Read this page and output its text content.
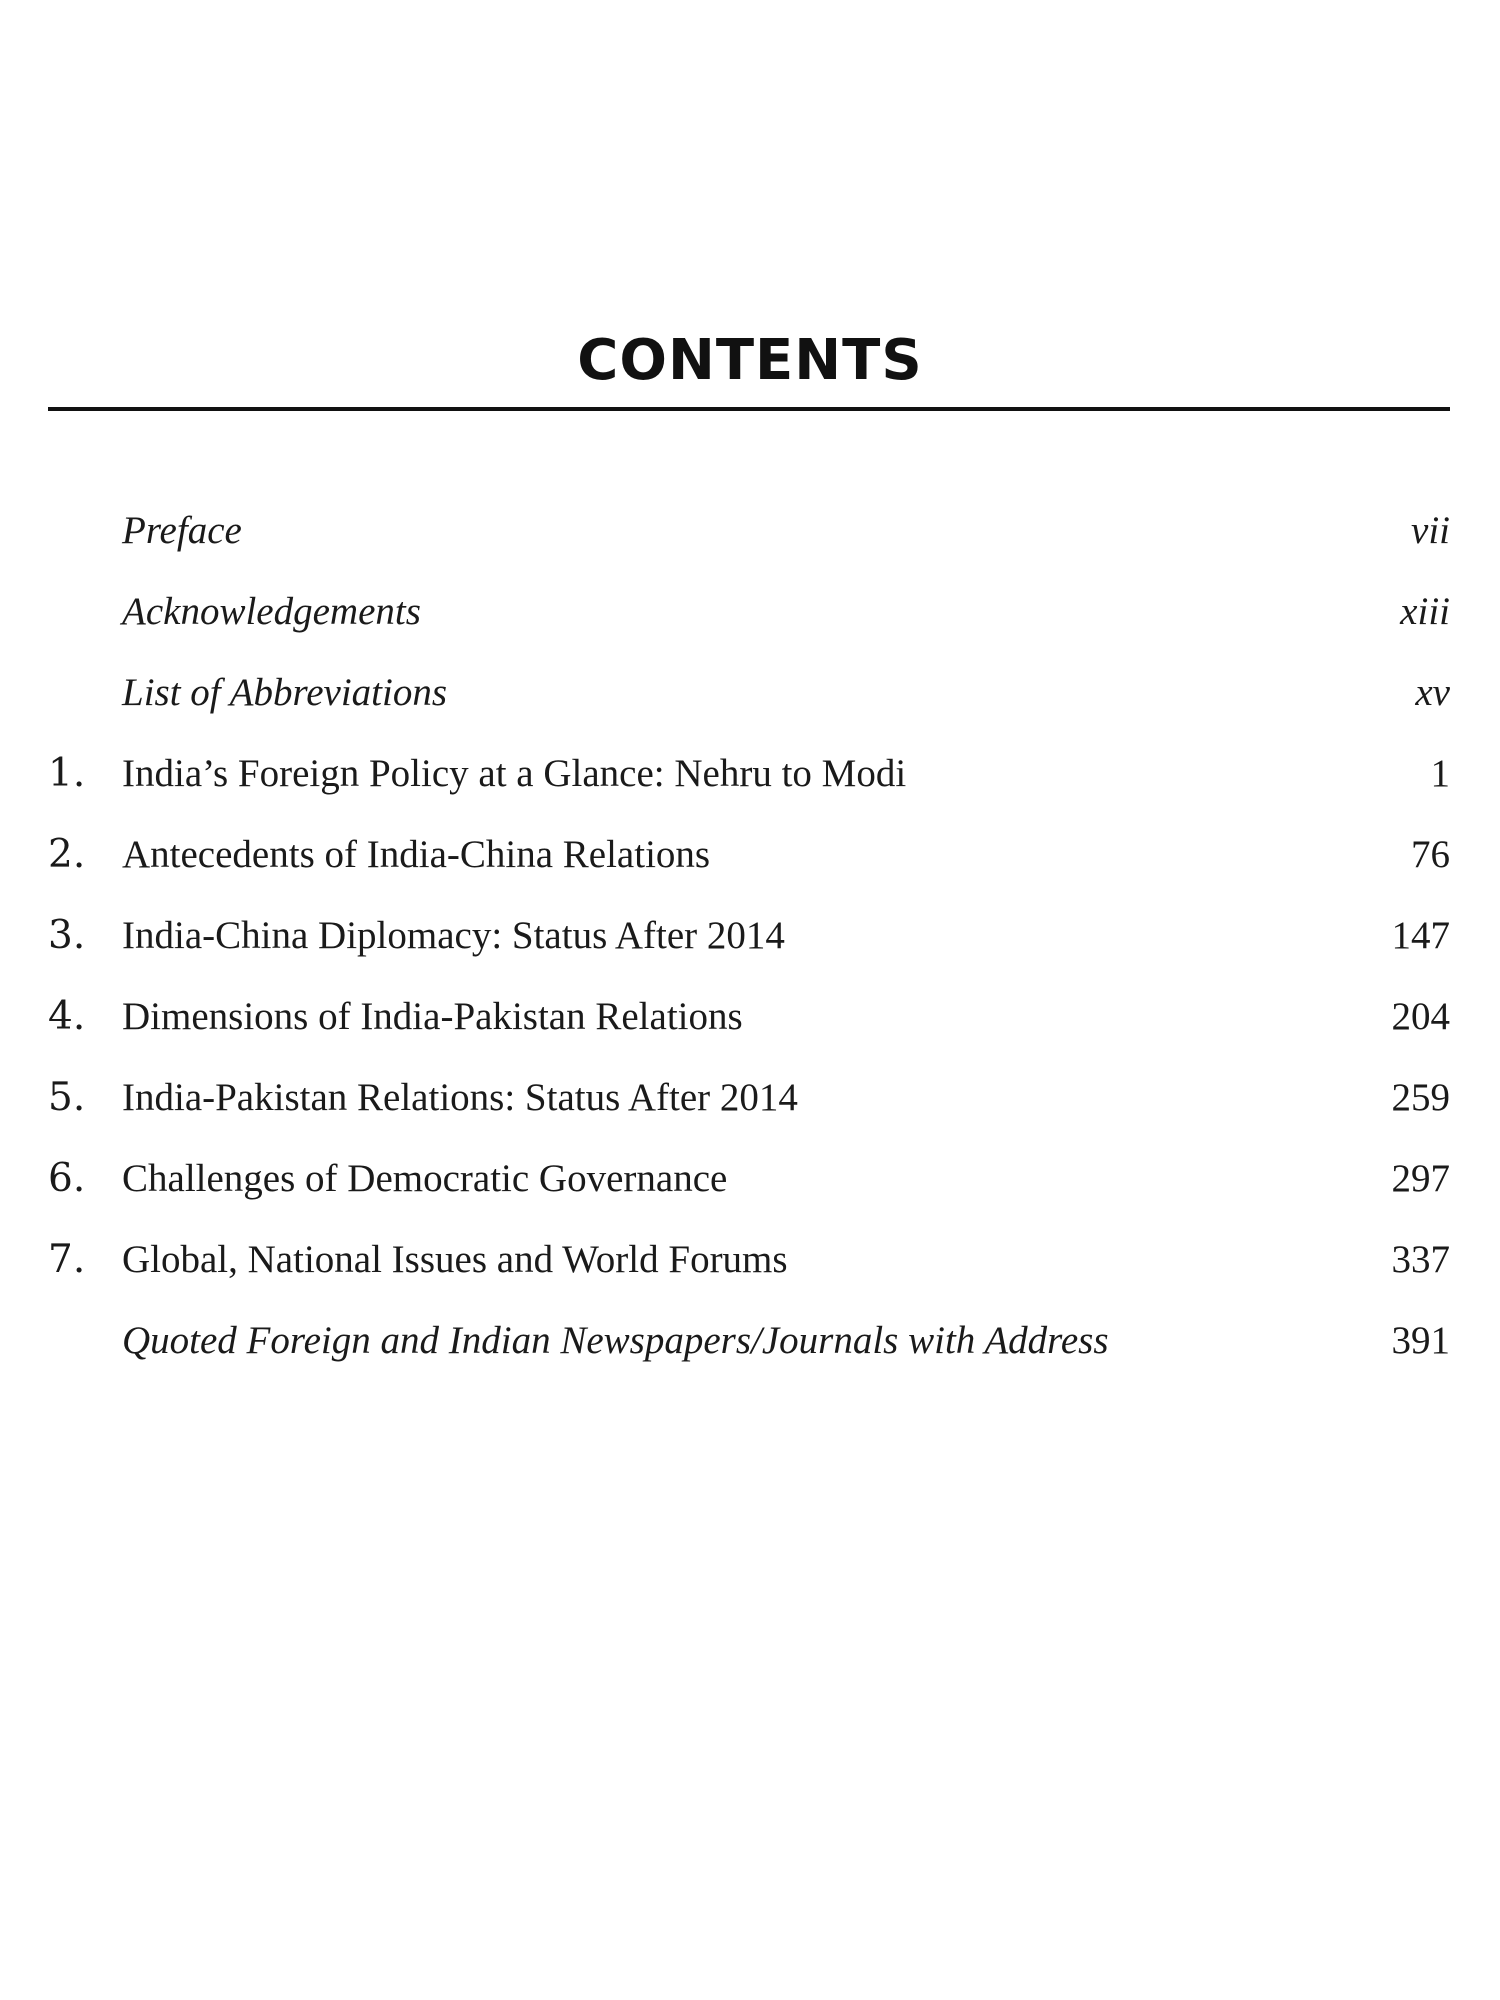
CONTENTS
Preface	vii
Acknowledgements	xiii
List of Abbreviations	xv
1. India’s Foreign Policy at a Glance: Nehru to Modi	1
2. Antecedents of India-China Relations	76
3. India-China Diplomacy: Status After 2014	147
4. Dimensions of India-Pakistan Relations	204
5. India-Pakistan Relations: Status After 2014	259
6. Challenges of Democratic Governance	297
7. Global, National Issues and World Forums	337
Quoted Foreign and Indian Newspapers/Journals with Address	391
